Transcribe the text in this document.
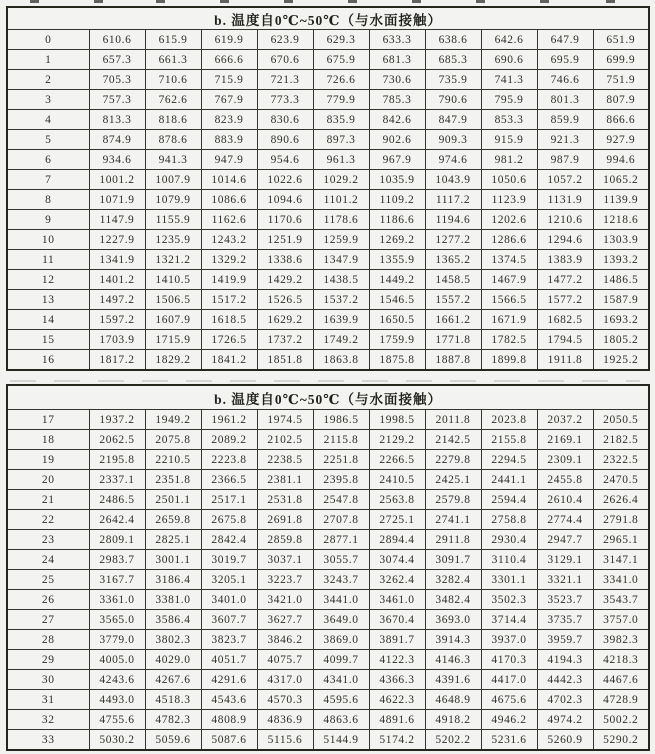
b. 温度自0℃~50℃（与水面接触）										
0	610.6	615.9	619.9	623.9	629.3	633.3	638.6	642.6	647.9	651.9
1	657.3	661.3	666.6	670.6	675.9	681.3	685.3	690.6	695.9	699.9
2	705.3	710.6	715.9	721.3	726.6	730.6	735.9	741.3	746.6	751.9
3	757.3	762.6	767.9	773.3	779.9	785.3	790.6	795.9	801.3	807.9
4	813.3	818.6	823.9	830.6	835.9	842.6	847.9	853.3	859.9	866.6
5	874.9	878.6	883.9	890.6	897.3	902.6	909.3	915.9	921.3	927.9
6	934.6	941.3	947.9	954.6	961.3	967.9	974.6	981.2	987.9	994.6
7	1001.2	1007.9	1014.6	1022.6	1029.2	1035.9	1043.9	1050.6	1057.2	1065.2
8	1071.9	1079.9	1086.6	1094.6	1101.2	1109.2	1117.2	1123.9	1131.9	1139.9
9	1147.9	1155.9	1162.6	1170.6	1178.6	1186.6	1194.6	1202.6	1210.6	1218.6
10	1227.9	1235.9	1243.2	1251.9	1259.9	1269.2	1277.2	1286.6	1294.6	1303.9
11	1341.9	1321.2	1329.2	1338.6	1347.9	1355.9	1365.2	1374.5	1383.9	1393.2
12	1401.2	1410.5	1419.9	1429.2	1438.5	1449.2	1458.5	1467.9	1477.2	1486.5
13	1497.2	1506.5	1517.2	1526.5	1537.2	1546.5	1557.2	1566.5	1577.2	1587.9
14	1597.2	1607.9	1618.5	1629.2	1639.9	1650.5	1661.2	1671.9	1682.5	1693.2
15	1703.9	1715.9	1726.5	1737.2	1749.2	1759.9	1771.8	1782.5	1794.5	1805.2
16	1817.2	1829.2	1841.2	1851.8	1863.8	1875.8	1887.8	1899.8	1911.8	1925.2
b. 温度自0℃~50℃（与水面接触）										
17	1937.2	1949.2	1961.2	1974.5	1986.5	1998.5	2011.8	2023.8	2037.2	2050.5
18	2062.5	2075.8	2089.2	2102.5	2115.8	2129.2	2142.5	2155.8	2169.1	2182.5
19	2195.8	2210.5	2223.8	2238.5	2251.8	2266.5	2279.8	2294.5	2309.1	2322.5
20	2337.1	2351.8	2366.5	2381.1	2395.8	2410.5	2425.1	2441.1	2455.8	2470.5
21	2486.5	2501.1	2517.1	2531.8	2547.8	2563.8	2579.8	2594.4	2610.4	2626.4
22	2642.4	2659.8	2675.8	2691.8	2707.8	2725.1	2741.1	2758.8	2774.4	2791.8
23	2809.1	2825.1	2842.4	2859.8	2877.1	2894.4	2911.8	2930.4	2947.7	2965.1
24	2983.7	3001.1	3019.7	3037.1	3055.7	3074.4	3091.7	3110.4	3129.1	3147.1
25	3167.7	3186.4	3205.1	3223.7	3243.7	3262.4	3282.4	3301.1	3321.1	3341.0
26	3361.0	3381.0	3401.0	3421.0	3441.0	3461.0	3482.4	3502.3	3523.7	3543.7
27	3565.0	3586.4	3607.7	3627.7	3649.0	3670.4	3693.0	3714.4	3735.7	3757.0
28	3779.0	3802.3	3823.7	3846.2	3869.0	3891.7	3914.3	3937.0	3959.7	3982.3
29	4005.0	4029.0	4051.7	4075.7	4099.7	4122.3	4146.3	4170.3	4194.3	4218.3
30	4243.6	4267.6	4291.6	4317.0	4341.0	4366.3	4391.6	4417.0	4442.3	4467.6
31	4493.0	4518.3	4543.6	4570.3	4595.6	4622.3	4648.9	4675.6	4702.3	4728.9
32	4755.6	4782.3	4808.9	4836.9	4863.6	4891.6	4918.2	4946.2	4974.2	5002.2
33	5030.2	5059.6	5087.6	5115.6	5144.9	5174.2	5202.2	5231.6	5260.9	5290.2
